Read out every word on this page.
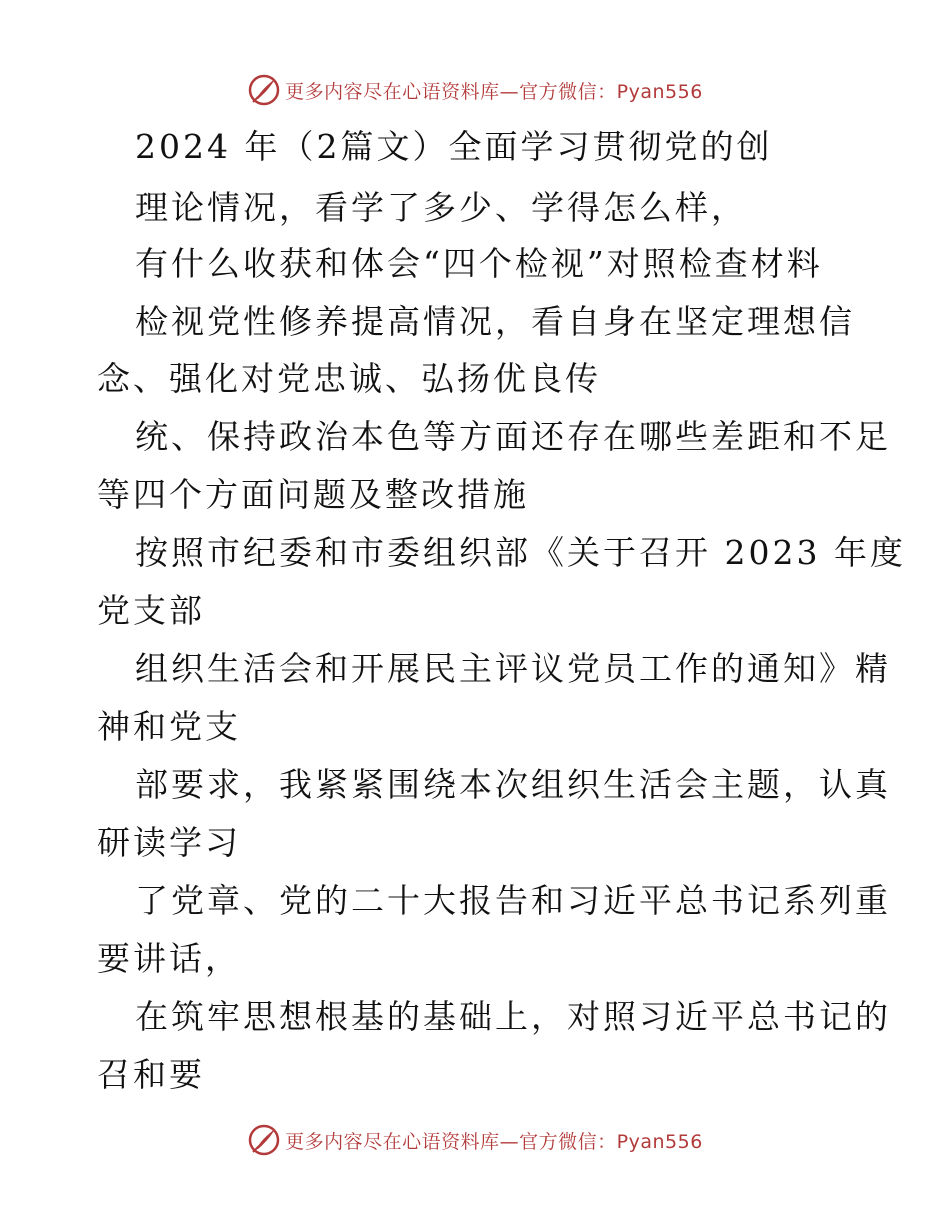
更多内容尽在心语资料库—官方微信：Pyan556
2024 年（2篇文）全面学习贯彻党的创
理论情况，看学了多少、学得怎么样，
有什么收获和体会“四个检视”对照检查材料
检视党性修养提高情况，看自身在坚定理想信
念、强化对党忠诚、弘扬优良传
统、保持政治本色等方面还存在哪些差距和不足
等四个方面问题及整改措施
按照市纪委和市委组织部《关于召开 2023 年度
党支部
组织生活会和开展民主评议党员工作的通知》精
神和党支
部要求，我紧紧围绕本次组织生活会主题，认真
研读学习
了党章、党的二十大报告和习近平总书记系列重
要讲话，
在筑牢思想根基的基础上，对照习近平总书记的
召和要
更多内容尽在心语资料库—官方微信：Pyan556
